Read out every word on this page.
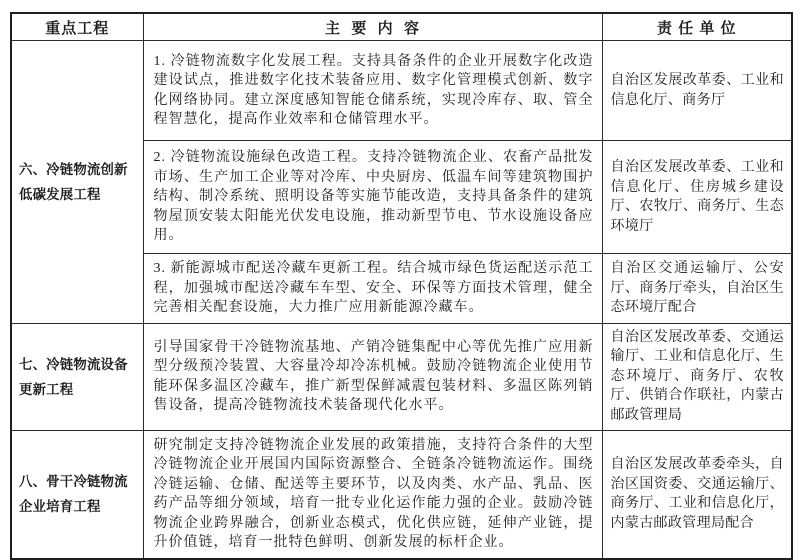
重点工程	主  要  内  容	责 任 单 位
六、冷链物流创新低碳发展工程	1. 冷链物流数字化发展工程。支持具备条件的企业开展数字化改造建设试点，推进数字化技术装备应用、数字化管理模式创新、数字化网络协同。建立深度感知智能仓储系统，实现冷库存、取、管全程智慧化，提高作业效率和仓储管理水平。	自治区发展改革委、工业和信息化厅、商务厅
	2. 冷链物流设施绿色改造工程。支持冷链物流企业、农畜产品批发市场、生产加工企业等对冷库、中央厨房、低温车间等建筑物围护结构、制冷系统、照明设备等实施节能改造，支持具备条件的建筑物屋顶安装太阳能光伏发电设施，推动新型节电、节水设施设备应用。	自治区发展改革委、工业和信息化厅、住房城乡建设厅、农牧厅、商务厅、生态环境厅
	3. 新能源城市配送冷藏车更新工程。结合城市绿色货运配送示范工程，加强城市配送冷藏车车型、安全、环保等方面技术管理，健全完善相关配套设施，大力推广应用新能源冷藏车。	自治区交通运输厅、公安厅、商务厅牵头，自治区生态环境厅配合
七、冷链物流设备更新工程	引导国家骨干冷链物流基地、产销冷链集配中心等优先推广应用新型分级预冷装置、大容量冷却冷冻机械。鼓励冷链物流企业使用节能环保多温区冷藏车，推广新型保鲜减震包装材料、多温区陈列销售设备，提高冷链物流技术装备现代化水平。	自治区发展改革委、交通运输厅、工业和信息化厅、生态环境厅、商务厅、农牧厅、供销合作联社，内蒙古邮政管理局
八、骨干冷链物流企业培育工程	研究制定支持冷链物流企业发展的政策措施，支持符合条件的大型冷链物流企业开展国内国际资源整合、全链条冷链物流运作。围绕冷链运输、仓储、配送等主要环节，以及肉类、水产品、乳品、医药产品等细分领域，培育一批专业化运作能力强的企业。鼓励冷链物流企业跨界融合，创新业态模式，优化供应链，延伸产业链，提升价值链，培育一批特色鲜明、创新发展的标杆企业。	自治区发展改革委牵头，自治区国资委、交通运输厅、商务厅、工业和信息化厅，内蒙古邮政管理局配合
